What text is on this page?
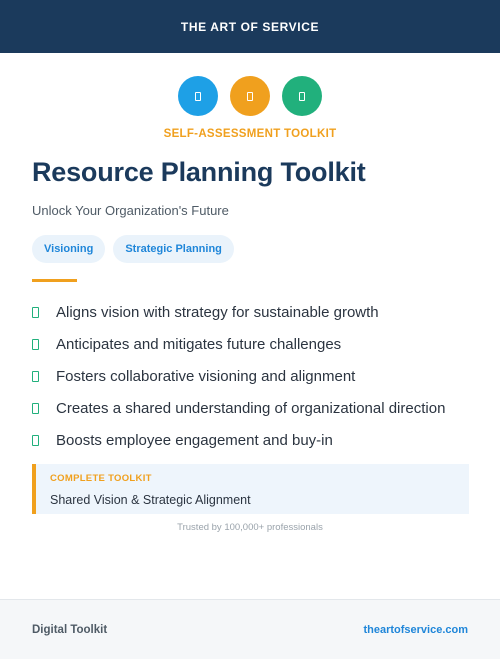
THE ART OF SERVICE
SELF-ASSESSMENT TOOLKIT
Resource Planning Toolkit

Unlock Your Organization's Future

Visioning	Strategic Planning
Aligns vision with strategy for sustainable growth
Anticipates and mitigates future challenges
Fosters collaborative visioning and alignment
Creates a shared understanding of organizational direction
Boosts employee engagement and buy-in
COMPLETE TOOLKIT
Shared Vision & Strategic Alignment
Trusted by 100,000+ professionals
Digital Toolkit	theartofservice.com
